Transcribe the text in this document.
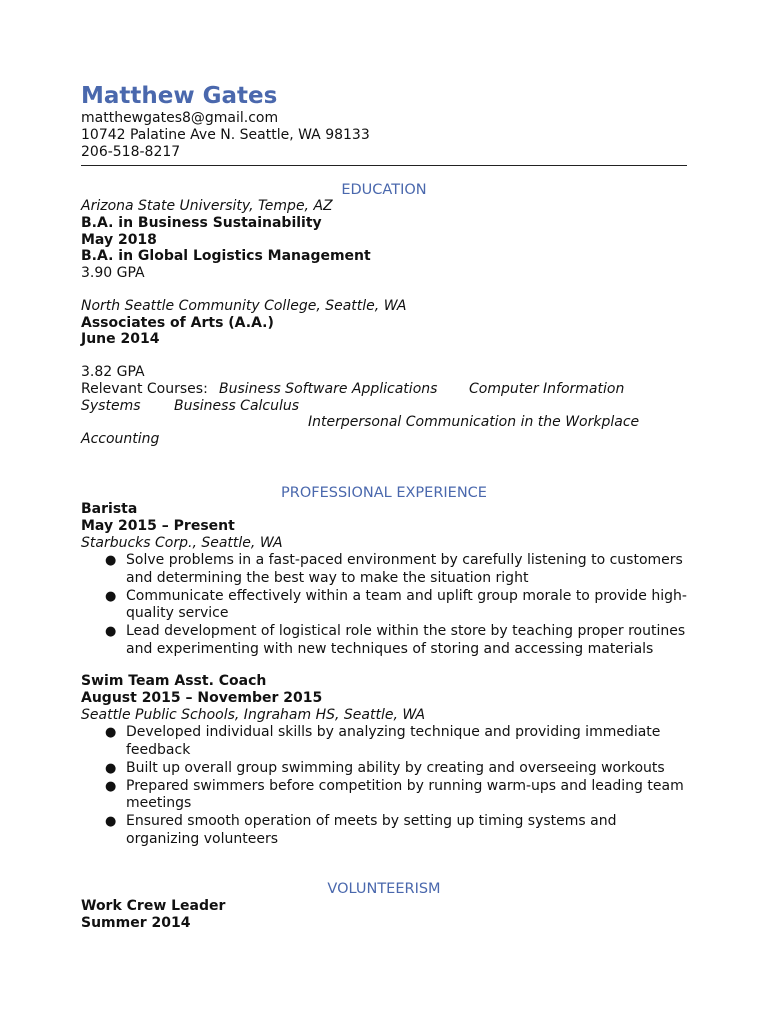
Matthew Gates
matthewgates8@gmail.com
10742 Palatine Ave N. Seattle, WA 98133
206-518-8217
EDUCATION
Arizona State University, Tempe, AZ
B.A. in Business Sustainability
May 2018
B.A. in Global Logistics Management
3.90 GPA
North Seattle Community College, Seattle, WA
Associates of Arts (A.A.)
June 2014
3.82 GPA
Relevant Courses: Business Software Applications Computer Information
Systems Business Calculus
Interpersonal Communication in the Workplace
Accounting
PROFESSIONAL EXPERIENCE
Barista
May 2015 – Present
Starbucks Corp., Seattle, WA
● Solve problems in a fast-paced environment by carefully listening to customers and determining the best way to make the situation right
● Communicate effectively within a team and uplift group morale to provide high-quality service
● Lead development of logistical role within the store by teaching proper routines and experimenting with new techniques of storing and accessing materials
Swim Team Asst. Coach
August 2015 – November 2015
Seattle Public Schools, Ingraham HS, Seattle, WA
● Developed individual skills by analyzing technique and providing immediate feedback
● Built up overall group swimming ability by creating and overseeing workouts
● Prepared swimmers before competition by running warm-ups and leading team meetings
● Ensured smooth operation of meets by setting up timing systems and organizing volunteers
VOLUNTEERISM
Work Crew Leader
Summer 2014
